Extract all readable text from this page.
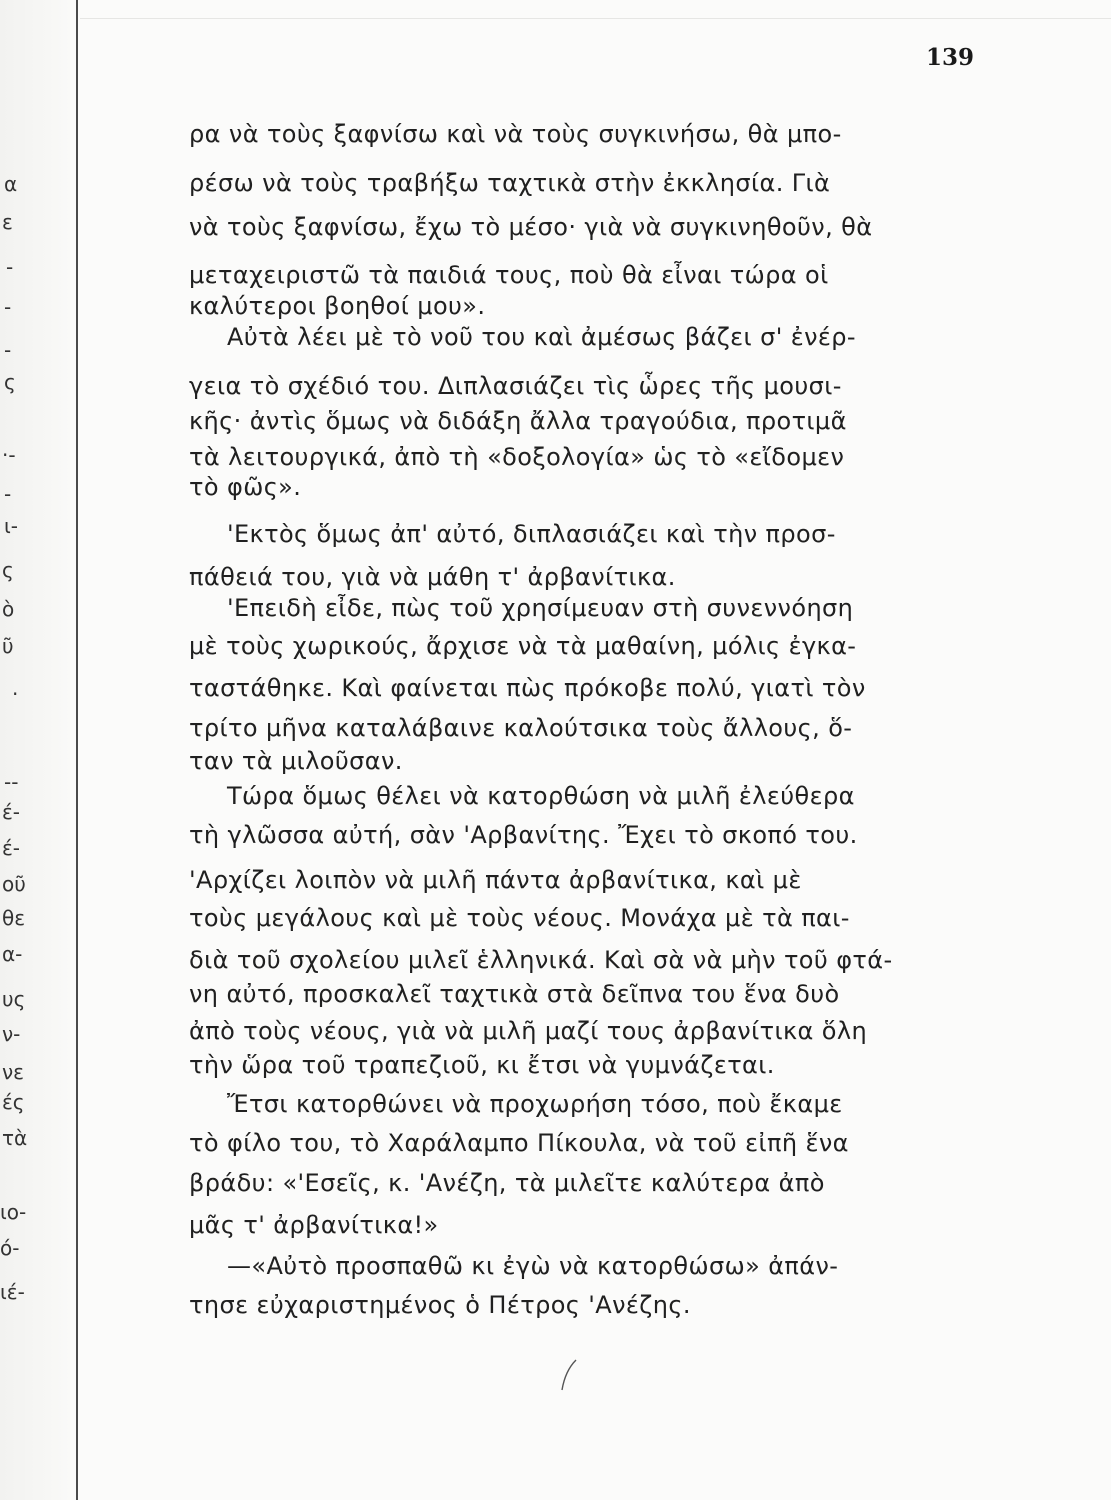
α
ε
-
-
-
ς
·-
-
ι-
ς
ὸ
ῦ
·
--
έ-
έ-
οῦ
θε
α-
υς
ν-
νε
ές
τὰ
ιο-
ό-
ιέ-
139
ρα νὰ τοὺς ξαφνίσω καὶ νὰ τοὺς συγκινήσω, θὰ μπο-
ρέσω νὰ τοὺς τραβήξω ταχτικὰ στὴν ἐκκλησία. Γιὰ
νὰ τοὺς ξαφνίσω, ἔχω τὸ μέσο· γιὰ νὰ συγκινηθοῦν, θὰ
μεταχειριστῶ τὰ παιδιά τους, ποὺ θὰ εἶναι τώρα οἱ
καλύτεροι βοηθοί μου».
Αὐτὰ λέει μὲ τὸ νοῦ του καὶ ἀμέσως βάζει σ' ἐνέρ-
γεια τὸ σχέδιό του. Διπλασιάζει τὶς ὧρες τῆς μουσι-
κῆς· ἀντὶς ὅμως νὰ διδάξη ἄλλα τραγούδια, προτιμᾶ
τὰ λειτουργικά, ἀπὸ τὴ «δοξολογία» ὡς τὸ «εἴδομεν
τὸ φῶς».
'Εκτὸς ὅμως ἀπ' αὐτό, διπλασιάζει καὶ τὴν προσ-
πάθειά του, γιὰ νὰ μάθη τ' ἀρβανίτικα.
'Επειδὴ εἶδε, πὼς τοῦ χρησίμευαν στὴ συνεννόηση
μὲ τοὺς χωρικούς, ἄρχισε νὰ τὰ μαθαίνη, μόλις ἐγκα-
ταστάθηκε. Καὶ φαίνεται πὼς πρόκοβε πολύ, γιατὶ τὸν
τρίτο μῆνα καταλάβαινε καλούτσικα τοὺς ἄλλους, ὅ-
ταν τὰ μιλοῦσαν.
Τώρα ὅμως θέλει νὰ κατορθώση νὰ μιλῆ ἐλεύθερα
τὴ γλῶσσα αὐτή, σὰν 'Αρβανίτης. Ἔχει τὸ σκοπό του.
'Αρχίζει λοιπὸν νὰ μιλῆ πάντα ἀρβανίτικα, καὶ μὲ
τοὺς μεγάλους καὶ μὲ τοὺς νέους. Μονάχα μὲ τὰ παι-
διὰ τοῦ σχολείου μιλεῖ ἑλληνικά. Καὶ σὰ νὰ μὴν τοῦ φτά-
νη αὐτό, προσκαλεῖ ταχτικὰ στὰ δεῖπνα του ἕνα δυὸ
ἀπὸ τοὺς νέους, γιὰ νὰ μιλῆ μαζί τους ἀρβανίτικα ὅλη
τὴν ὥρα τοῦ τραπεζιοῦ, κι ἔτσι νὰ γυμνάζεται.
Ἔτσι κατορθώνει νὰ προχωρήση τόσο, ποὺ ἔκαμε
τὸ φίλο του, τὸ Χαράλαμπο Πίκουλα, νὰ τοῦ εἰπῆ ἕνα
βράδυ: «'Εσεῖς, κ. 'Ανέζη, τὰ μιλεῖτε καλύτερα ἀπὸ
μᾶς τ' ἀρβανίτικα!»
—«Αὐτὸ προσπαθῶ κι ἐγὼ νὰ κατορθώσω» ἀπάν-
τησε εὐχαριστημένος ὁ Πέτρος 'Ανέζης.
